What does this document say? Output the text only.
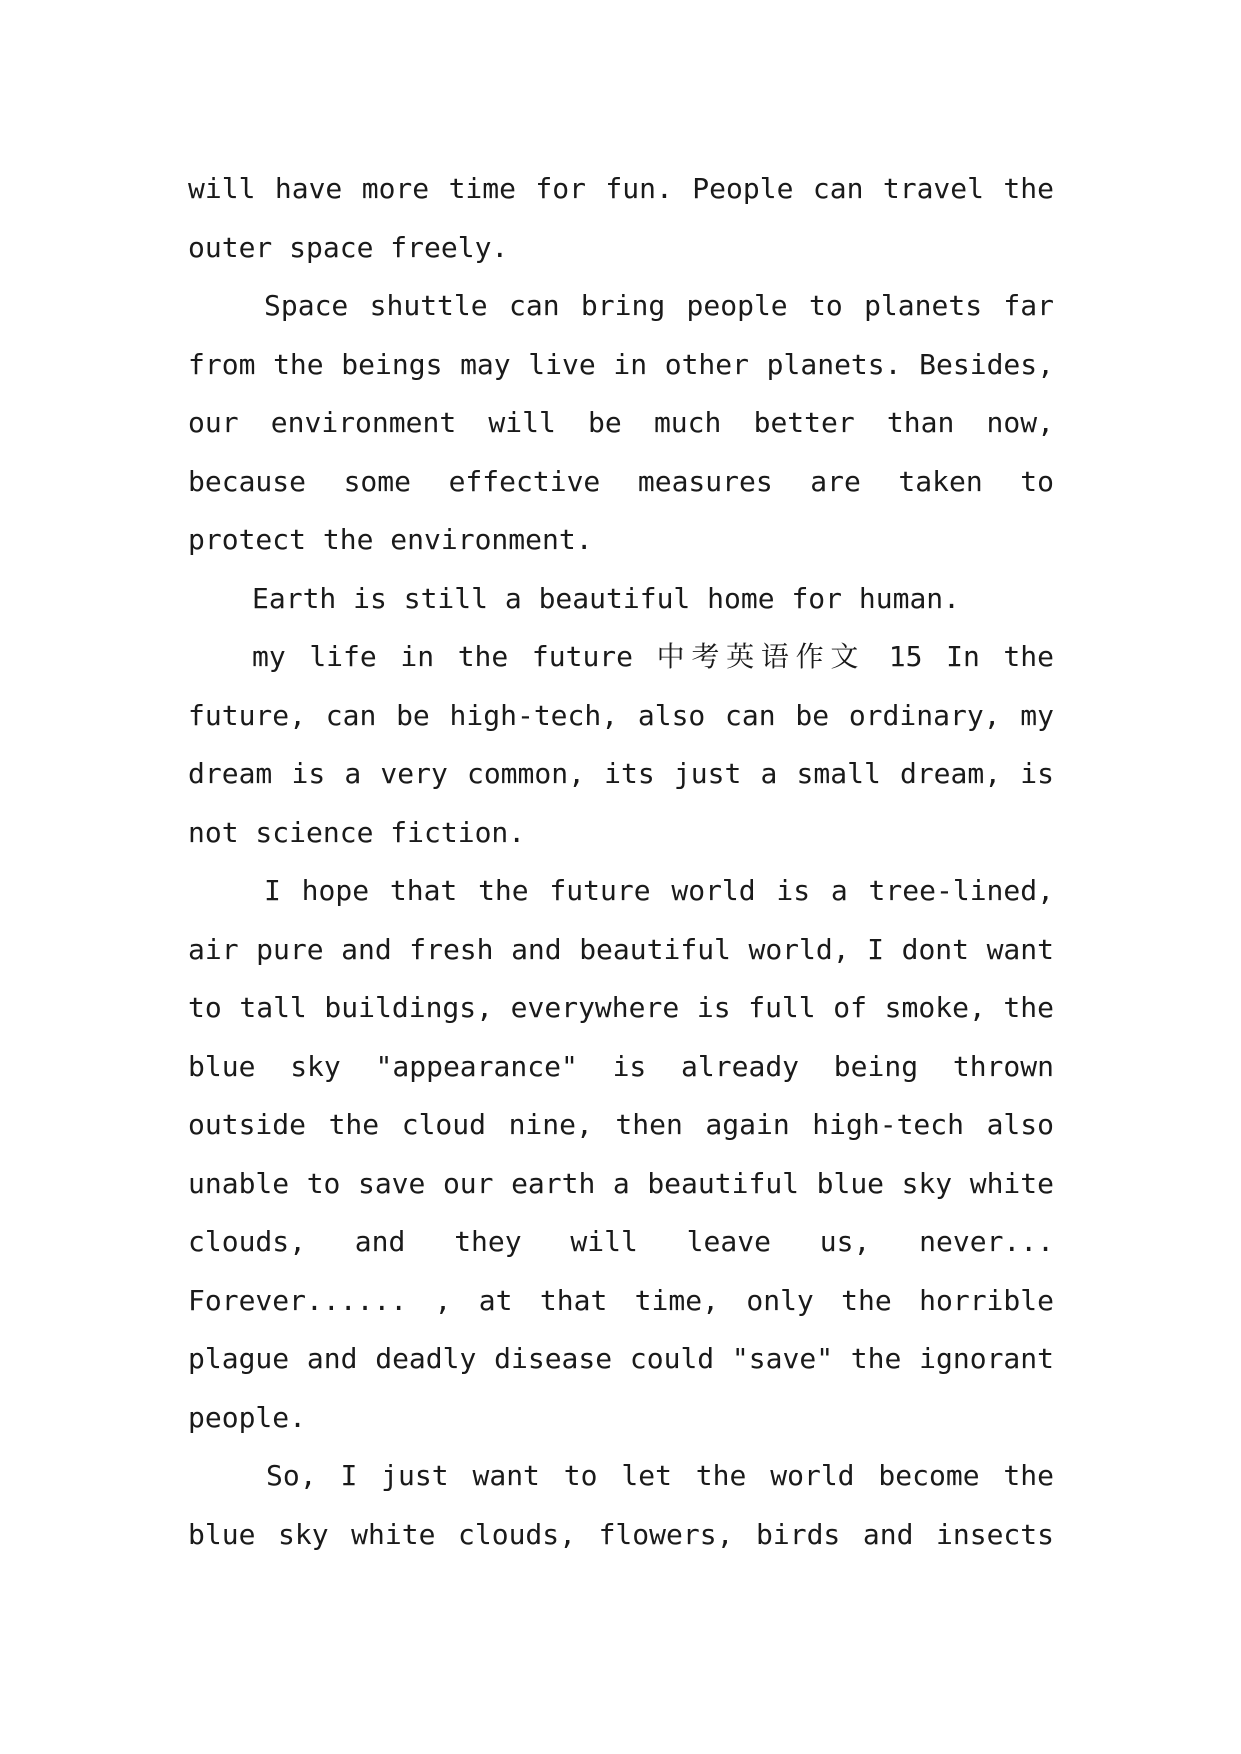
will have more time for fun. People can travel the outer space freely.

Space shuttle can bring people to planets far from the beings may live in other planets. Besides, our environment will be much better than now, because some effective measures are taken to protect the environment.

Earth is still a beautiful home for human.

my life in the future 中考英语作文 15 In the future, can be high-tech, also can be ordinary, my dream is a very common, its just a small dream, is not science fiction.

I hope that the future world is a tree-lined, air pure and fresh and beautiful world, I dont want to tall buildings, everywhere is full of smoke, the blue sky "appearance" is already being thrown outside the cloud nine, then again high-tech also unable to save our earth a beautiful blue sky white clouds, and they will leave us, never... Forever...... , at that time, only the horrible plague and deadly disease could "save" the ignorant people.

So, I just want to let the world become the blue sky white clouds, flowers, birds and insects
